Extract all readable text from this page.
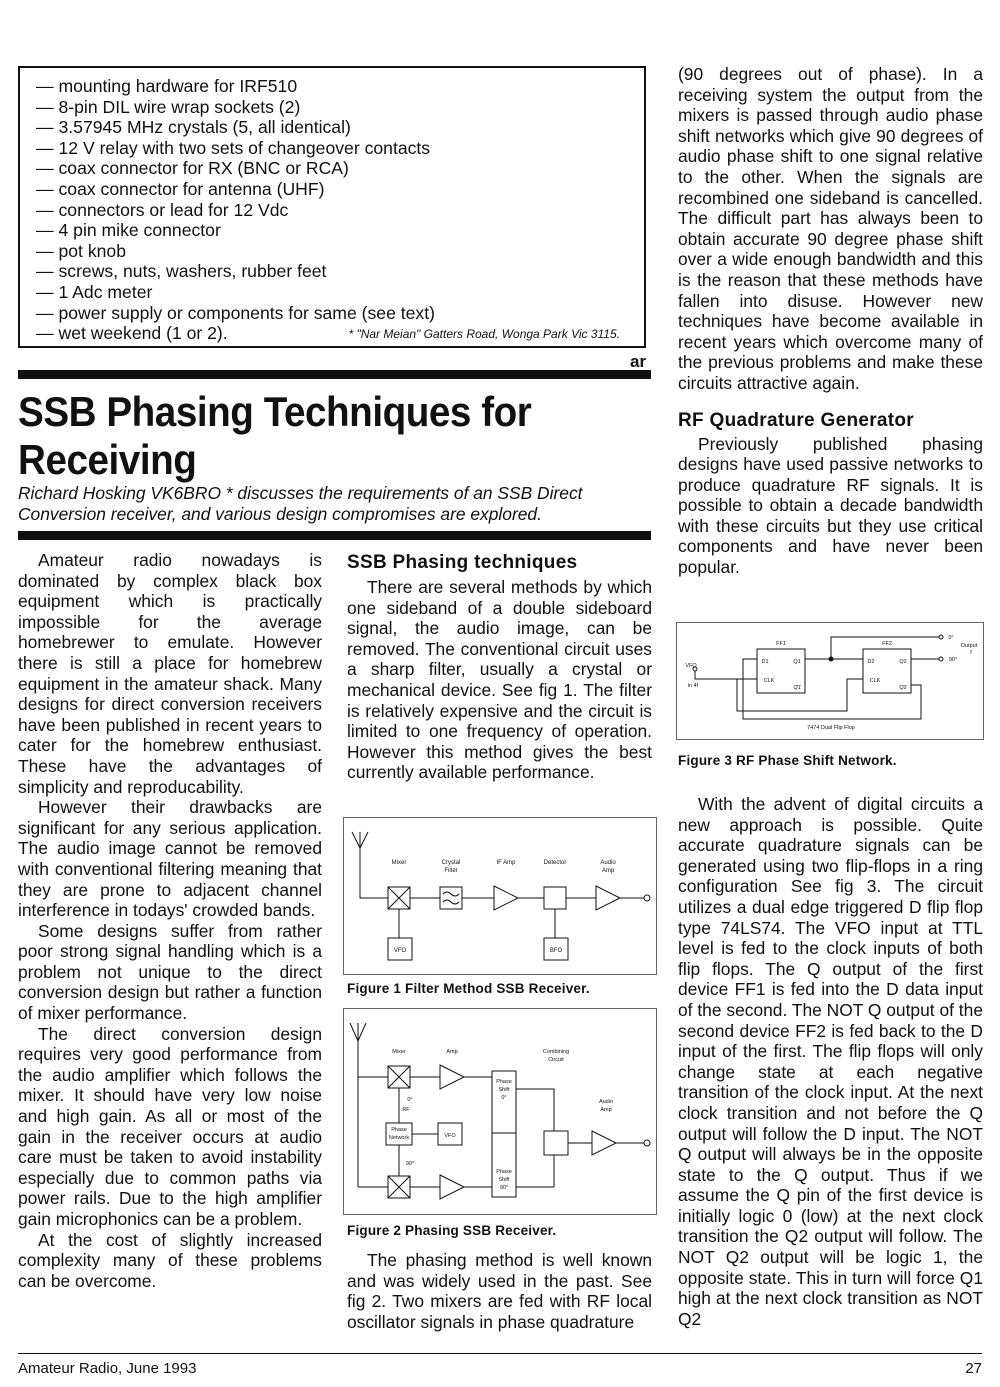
— mounting hardware for IRF510
— 8-pin DIL wire wrap sockets (2)
— 3.57945 MHz crystals (5, all identical)
— 12 V relay with two sets of changeover contacts
— coax connector for RX (BNC or RCA)
— coax connector for antenna (UHF)
— connectors or lead for 12 Vdc
— 4 pin mike connector
— pot knob
— screws, nuts, washers, rubber feet
— 1 Adc meter
— power supply or components for same (see text)
— wet weekend (1 or 2).	* "Nar Meian" Gatters Road, Wonga Park Vic 3115.
ar
SSB Phasing Techniques for Receiving

Richard Hosking VK6BRO * discusses the requirements of an SSB Direct Conversion receiver, and various design compromises are explored.

Amateur radio nowadays is dominated by complex black box equipment which is practically impossible for the average homebrewer to emulate. However there is still a place for homebrew equipment in the amateur shack. Many designs for direct conversion receivers have been published in recent years to cater for the homebrew enthusiast. These have the advantages of simplicity and reproducability.

However their drawbacks are significant for any serious application. The audio image cannot be removed with conventional filtering meaning that they are prone to adjacent channel interference in todays' crowded bands.

Some designs suffer from rather poor strong signal handling which is a problem not unique to the direct conversion design but rather a function of mixer performance.

The direct conversion design requires very good performance from the audio amplifier which follows the mixer. It should have very low noise and high gain. As all or most of the gain in the receiver occurs at audio care must be taken to avoid instability especially due to common paths via power rails. Due to the high amplifier gain microphonics can be a problem.

At the cost of slightly increased complexity many of these problems can be overcome.

SSB Phasing techniques

There are several methods by which one sideband of a double sideboard signal, the audio image, can be removed. The conventional circuit uses a sharp filter, usually a crystal or mechanical device. See fig 1. The filter is relatively expensive and the circuit is limited to one frequency of operation. However this method gives the best currently available performance.

Mixer	Crystal
Filter
IF Amp	Detector	Audio
Amp
VFO	BFO
Figure 1 Filter Method SSB Receiver.
Mixer	Amp	Combining
Circuit
Phase
Shift
0°
Phase
Shift
90°
0°
RF
Phase
Network
90°
VFO
Audio
Amp
Figure 2 Phasing SSB Receiver.

The phasing method is well known and was widely used in the past. See fig 2. Two mixers are fed with RF local oscillator signals in phase quadrature

(90 degrees out of phase). In a receiving system the output from the mixers is passed through audio phase shift networks which give 90 degrees of audio phase shift to one signal relative to the other. When the signals are recombined one sideband is cancelled. The difficult part has always been to obtain accurate 90 degree phase shift over a wide enough bandwidth and this is the reason that these methods have fallen into disuse. However new techniques have become available in recent years which overcome many of the previous problems and make these circuits attractive again.

RF Quadrature Generator

Previously published phasing designs have used passive networks to produce quadrature RF signals. It is possible to obtain a decade bandwidth with these circuits but they use critical components and have never been popular.

FF1	FF2
D1	Q1
CLK
Q1
D2	Q2
CLK
Q2
VFO
in 4f
0°
90°
Output
f
7474 Dual Flip Flop
Figure 3 RF Phase Shift Network.

With the advent of digital circuits a new approach is possible. Quite accurate quadrature signals can be generated using two flip-flops in a ring configuration See fig 3. The circuit utilizes a dual edge triggered D flip flop type 74LS74. The VFO input at TTL level is fed to the clock inputs of both flip flops. The Q output of the first device FF1 is fed into the D data input of the second. The NOT Q output of the second device FF2 is fed back to the D input of the first. The flip flops will only change state at each negative transition of the clock input. At the next clock transition and not before the Q output will follow the D input. The NOT Q output will always be in the opposite state to the Q output. Thus if we assume the Q pin of the first device is initially logic 0 (low) at the next clock transition the Q2 output will follow. The NOT Q2 output will be logic 1, the opposite state. This in turn will force Q1 high at the next clock transition as NOT Q2

Amateur Radio, June 1993	27
